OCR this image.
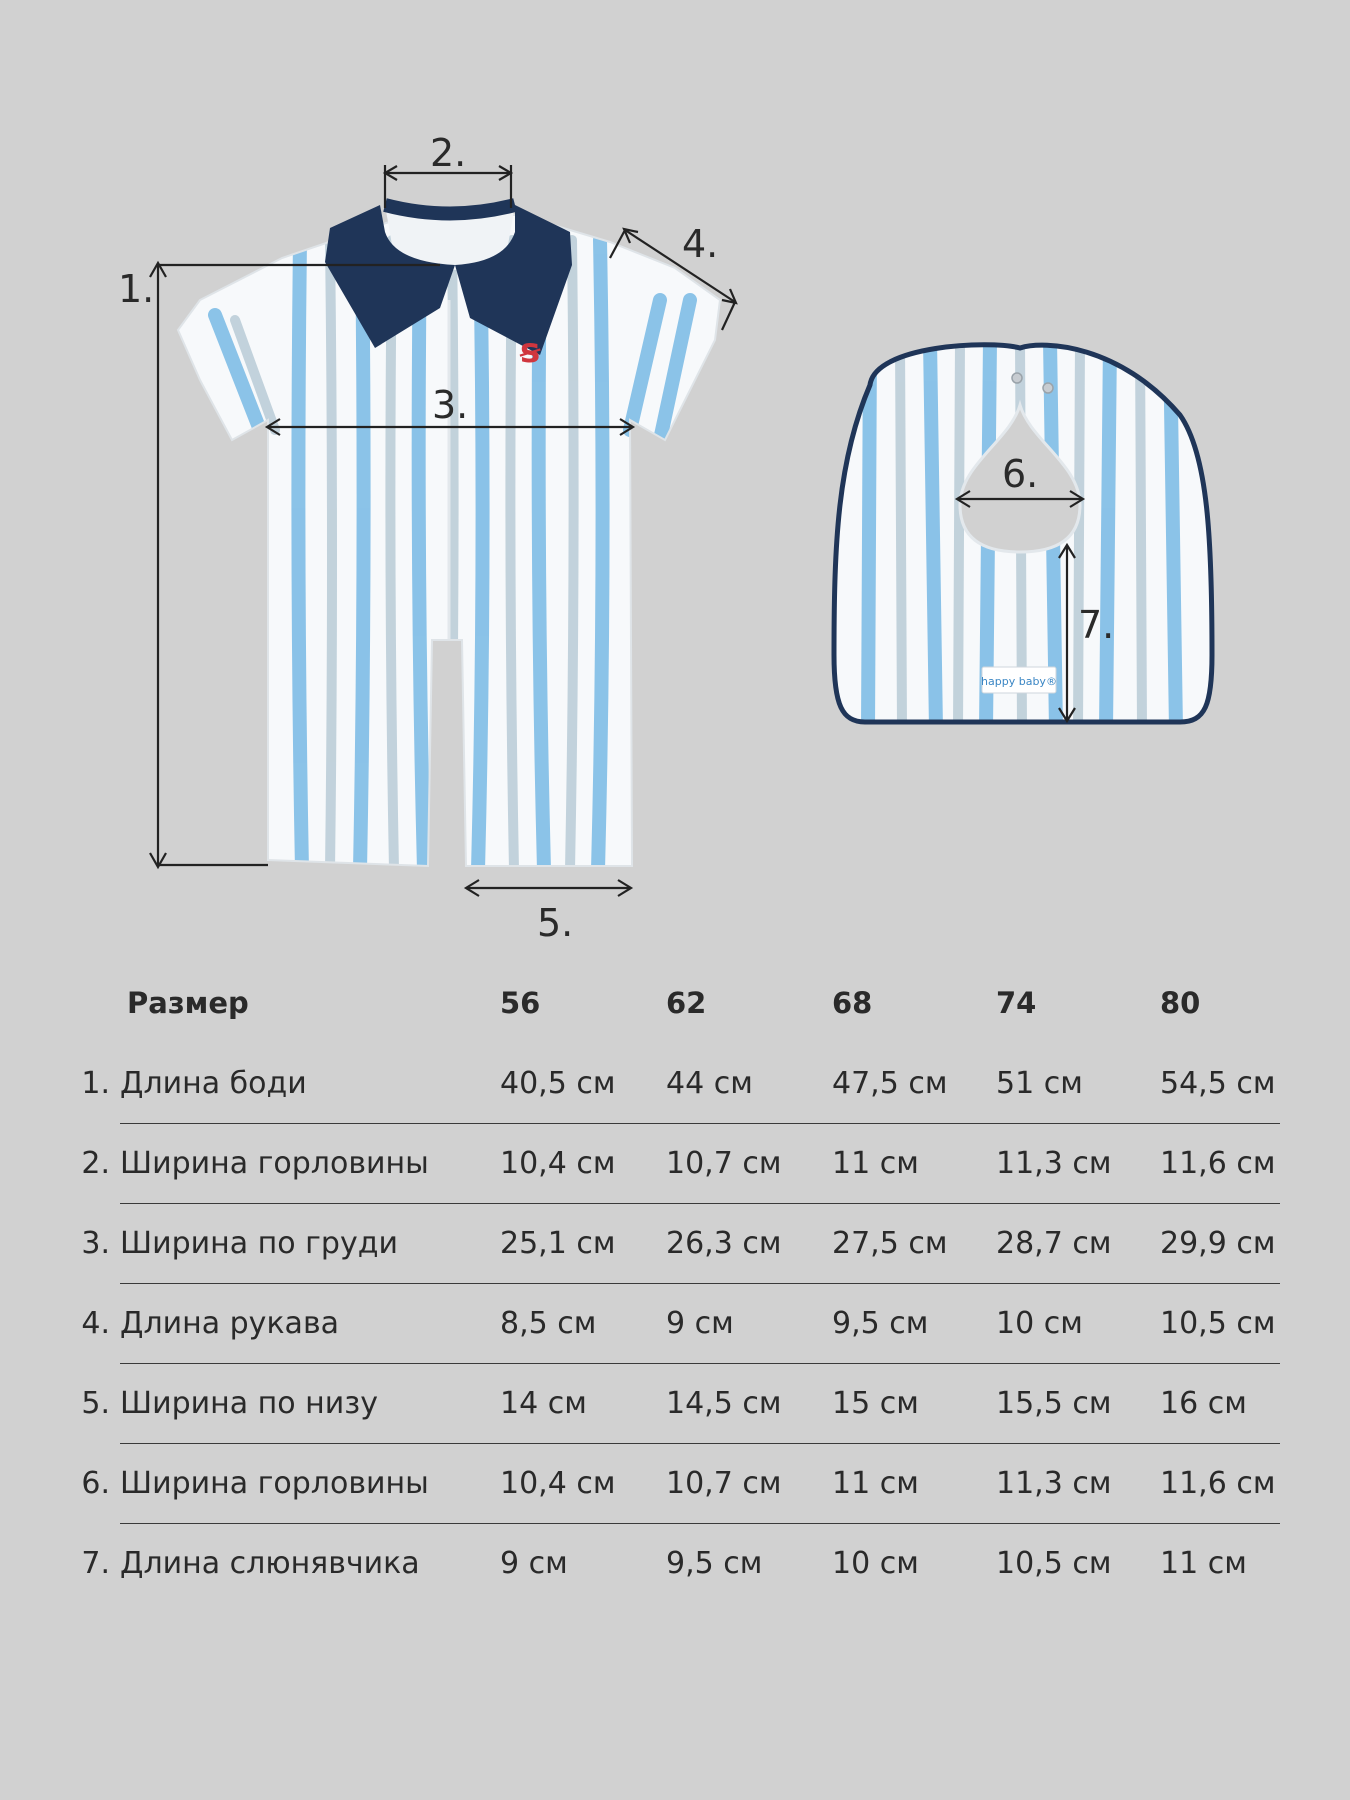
ꞩ
happy baby®
1.
2.
3.
4.
5.
6.
7.
Размер	56	62	68	74	80
1. Длина боди	40,5 см 44 см	47,5 см 51 см	54,5 см
2. Ширина горловины 10,4 см 10,7 см 11 см	11,3 см 11,6 см
3. Ширина по груди	25,1 см 26,3 см 27,5 см 28,7 см 29,9 см
4. Длина рукава	8,5 см 9 см	9,5 см 10 см	10,5 см
5. Ширина по низу	14 см	14,5 см 15 см	15,5 см 16 см
6. Ширина горловины 10,4 см 10,7 см 11 см	11,3 см 11,6 см
7. Длина слюнявчика	9 см	9,5 см 10 см	10,5 см 11 см
